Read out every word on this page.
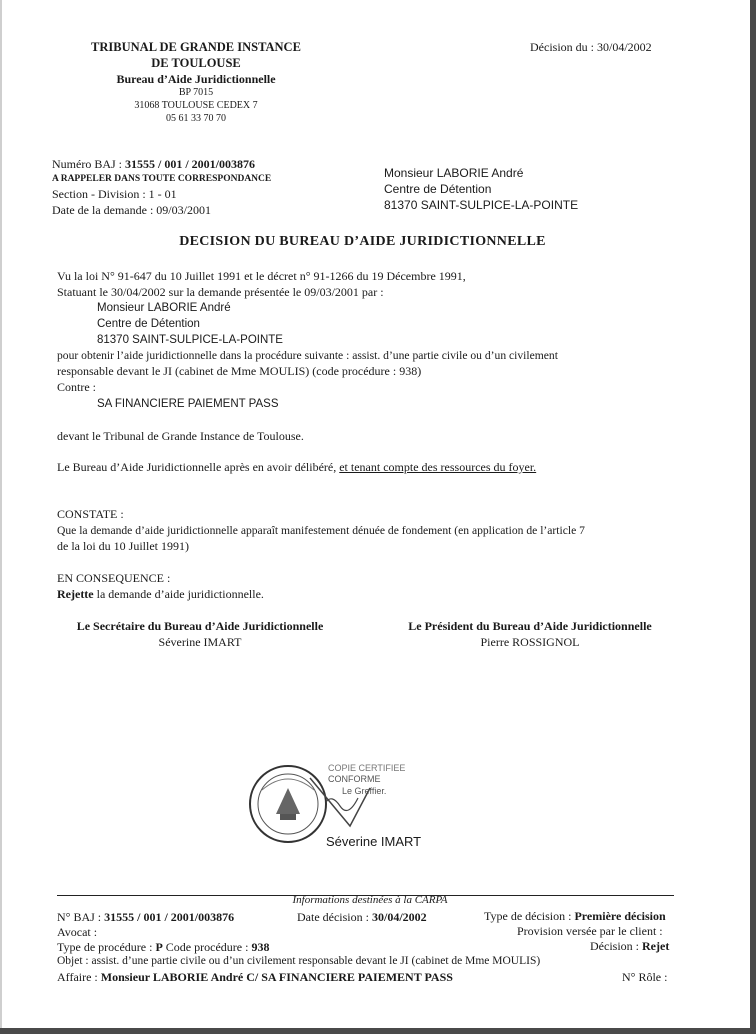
TRIBUNAL DE GRANDE INSTANCE
DE TOULOUSE
Bureau d’Aide Juridictionnelle
BP 7015
31068 TOULOUSE CEDEX 7
05 61 33 70 70
Décision du : 30/04/2002
Numéro BAJ : 31555 / 001 / 2001/003876
A RAPPELER DANS TOUTE CORRESPONDANCE
Section - Division : 1 - 01
Date de la demande : 09/03/2001
Monsieur LABORIE André
Centre de Détention
81370 SAINT-SULPICE-LA-POINTE
DECISION DU BUREAU D’AIDE JURIDICTIONNELLE
Vu la loi N° 91-647 du 10 Juillet 1991 et le décret n° 91-1266 du 19 Décembre 1991,
Statuant le 30/04/2002 sur la demande présentée le 09/03/2001 par :
Monsieur LABORIE André
Centre de Détention
81370 SAINT-SULPICE-LA-POINTE
pour obtenir l’aide juridictionnelle dans la procédure suivante : assist. d’une partie civile ou d’un civilement
responsable devant le JI (cabinet de Mme MOULIS) (code procédure : 938)
Contre :
SA FINANCIERE PAIEMENT PASS
devant le Tribunal de Grande Instance de Toulouse.
Le Bureau d’Aide Juridictionnelle après en avoir délibéré, et tenant compte des ressources du foyer.
CONSTATE :
Que la demande d’aide juridictionnelle apparaît manifestement dénuée de fondement (en application de l’article 7
de la loi du 10 Juillet 1991)
EN CONSEQUENCE :
Rejette la demande d’aide juridictionnelle.
Le Secrétaire du Bureau d’Aide Juridictionnelle
Séverine IMART
Le Président du Bureau d’Aide Juridictionnelle
Pierre ROSSIGNOL
COPIE CERTIFIEE
CONFORME
Le Greffier.
Séverine IMART
Informations destinées à la CARPA
N° BAJ : 31555 / 001 / 2001/003876	Date décision : 30/04/2002	Type de décision : Première décision
Avocat :	Provision versée par le client :
Type de procédure : P Code procédure : 938	Décision : Rejet
Objet : assist. d’une partie civile ou d’un civilement responsable devant le JI (cabinet de Mme MOULIS)
Affaire : Monsieur LABORIE André C/ SA FINANCIERE PAIEMENT PASS	N° Rôle :
